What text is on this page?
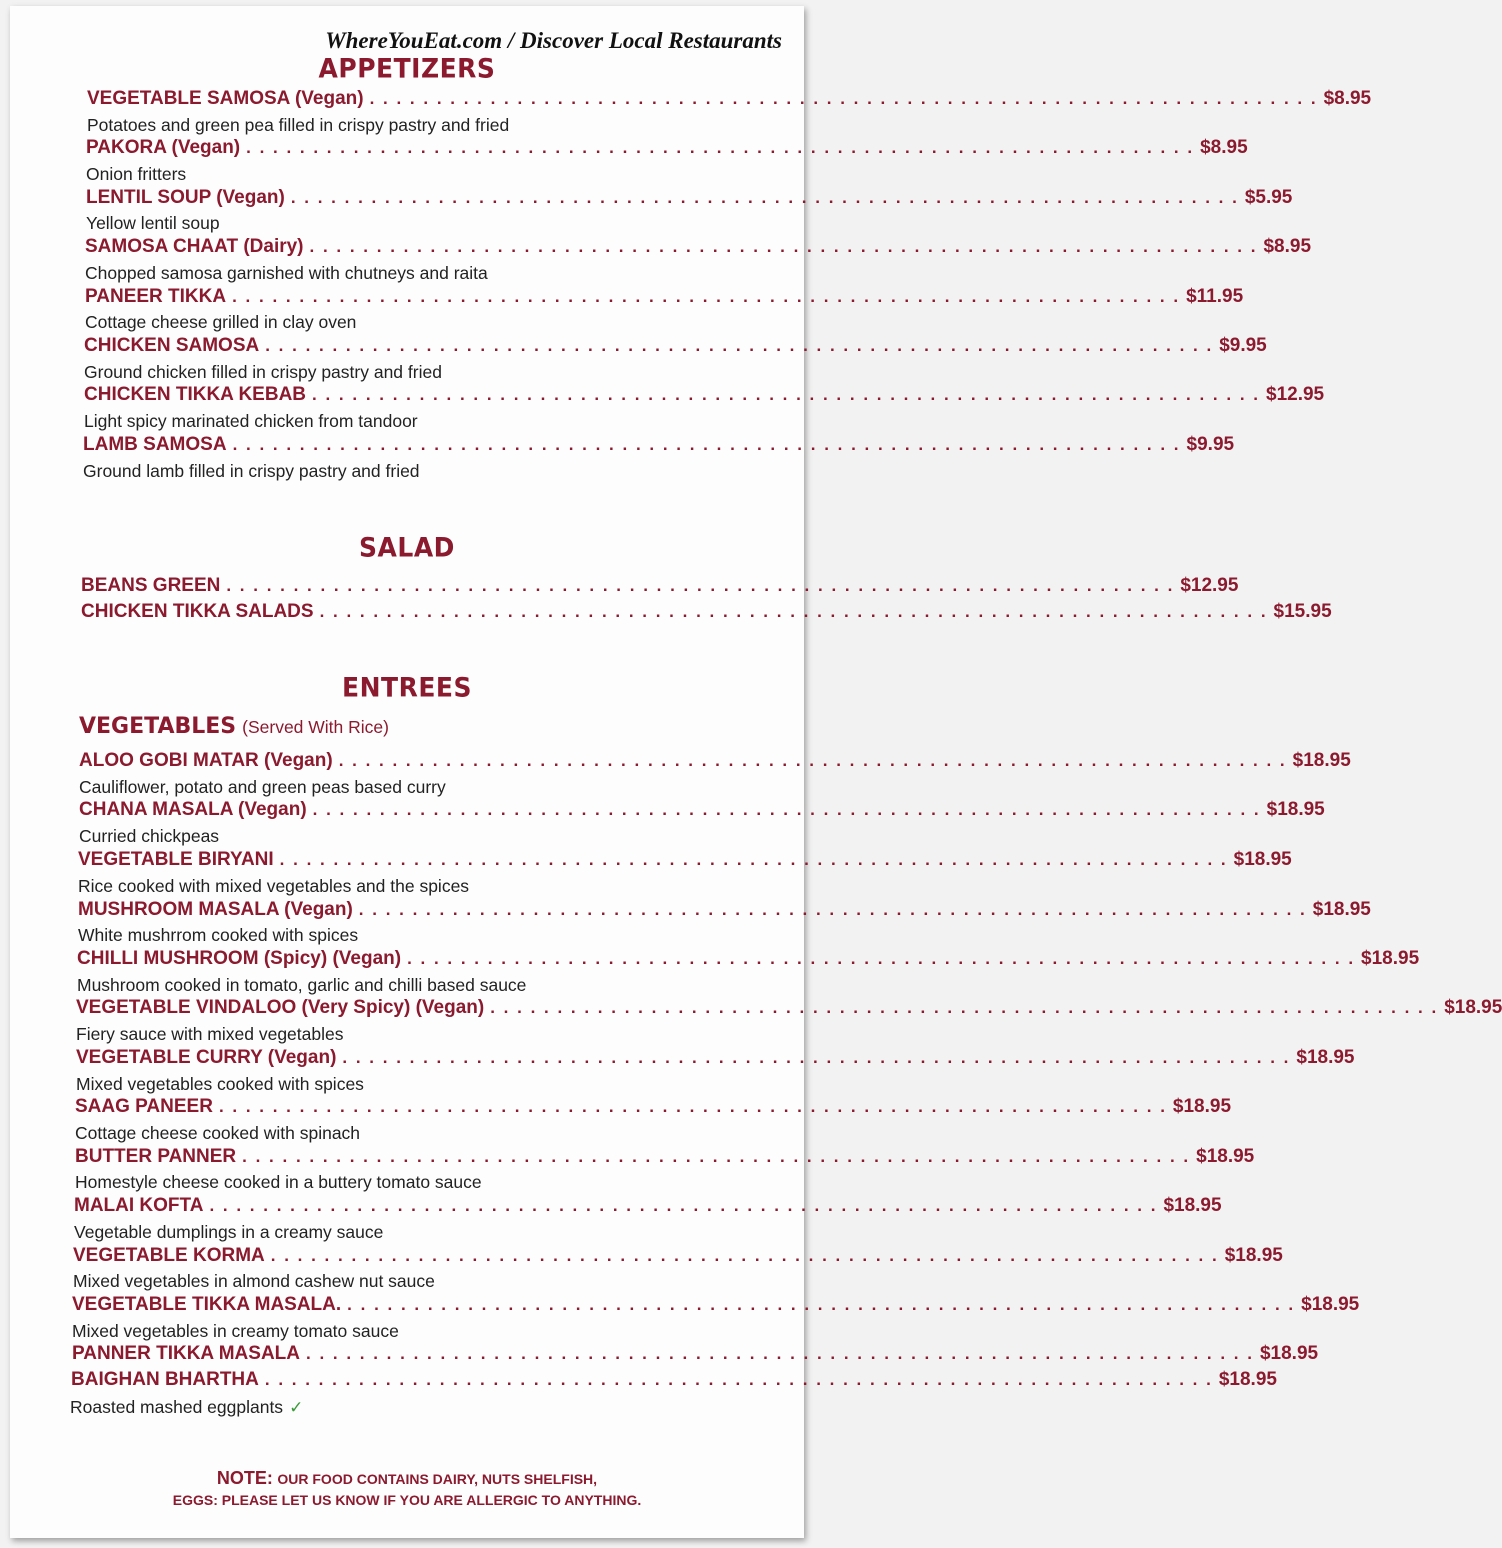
WhereYouEat.com / Discover Local Restaurants
APPETIZERS
VEGETABLE SAMOSA (Vegan) . . . . . . . . . . . . . . . . . . . . . . . . . . . . . . . . . . . . . . . . . . . . . . . . . . . . . . . . . . . . . . . . . . . . . . . $8.95
Potatoes and green pea filled in crispy pastry and fried
PAKORA (Vegan) . . . . . . . . . . . . . . . . . . . . . . . . . . . . . . . . . . . . . . . . . . . . . . . . . . . . . . . . . . . . . . . . . . . . . . . $8.95
Onion fritters
LENTIL SOUP (Vegan) . . . . . . . . . . . . . . . . . . . . . . . . . . . . . . . . . . . . . . . . . . . . . . . . . . . . . . . . . . . . . . . . . . . . . . . $5.95
Yellow lentil soup
SAMOSA CHAAT (Dairy) . . . . . . . . . . . . . . . . . . . . . . . . . . . . . . . . . . . . . . . . . . . . . . . . . . . . . . . . . . . . . . . . . . . . . . . $8.95
Chopped samosa garnished with chutneys and raita
PANEER TIKKA . . . . . . . . . . . . . . . . . . . . . . . . . . . . . . . . . . . . . . . . . . . . . . . . . . . . . . . . . . . . . . . . . . . . . . . $11.95
Cottage cheese grilled in clay oven
CHICKEN SAMOSA . . . . . . . . . . . . . . . . . . . . . . . . . . . . . . . . . . . . . . . . . . . . . . . . . . . . . . . . . . . . . . . . . . . . . . . $9.95
Ground chicken filled in crispy pastry and fried
CHICKEN TIKKA KEBAB . . . . . . . . . . . . . . . . . . . . . . . . . . . . . . . . . . . . . . . . . . . . . . . . . . . . . . . . . . . . . . . . . . . . . . . $12.95
Light spicy marinated chicken from tandoor
LAMB SAMOSA . . . . . . . . . . . . . . . . . . . . . . . . . . . . . . . . . . . . . . . . . . . . . . . . . . . . . . . . . . . . . . . . . . . . . . . $9.95
Ground lamb filled in crispy pastry and fried
SALAD
BEANS GREEN . . . . . . . . . . . . . . . . . . . . . . . . . . . . . . . . . . . . . . . . . . . . . . . . . . . . . . . . . . . . . . . . . . . . . . . $12.95
CHICKEN TIKKA SALADS . . . . . . . . . . . . . . . . . . . . . . . . . . . . . . . . . . . . . . . . . . . . . . . . . . . . . . . . . . . . . . . . . . . . . . . $15.95
ENTREES
VEGETABLES (Served With Rice)
ALOO GOBI MATAR (Vegan) . . . . . . . . . . . . . . . . . . . . . . . . . . . . . . . . . . . . . . . . . . . . . . . . . . . . . . . . . . . . . . . . . . . . . . . $18.95
Cauliflower, potato and green peas based curry
CHANA MASALA (Vegan) . . . . . . . . . . . . . . . . . . . . . . . . . . . . . . . . . . . . . . . . . . . . . . . . . . . . . . . . . . . . . . . . . . . . . . . $18.95
Curried chickpeas
VEGETABLE BIRYANI . . . . . . . . . . . . . . . . . . . . . . . . . . . . . . . . . . . . . . . . . . . . . . . . . . . . . . . . . . . . . . . . . . . . . . . $18.95
Rice cooked with mixed vegetables and the spices
MUSHROOM MASALA (Vegan) . . . . . . . . . . . . . . . . . . . . . . . . . . . . . . . . . . . . . . . . . . . . . . . . . . . . . . . . . . . . . . . . . . . . . . . $18.95
White mushrrom cooked with spices
CHILLI MUSHROOM (Spicy) (Vegan) . . . . . . . . . . . . . . . . . . . . . . . . . . . . . . . . . . . . . . . . . . . . . . . . . . . . . . . . . . . . . . . . . . . . . . . $18.95
Mushroom cooked in tomato, garlic and chilli based sauce
VEGETABLE VINDALOO (Very Spicy) (Vegan) . . . . . . . . . . . . . . . . . . . . . . . . . . . . . . . . . . . . . . . . . . . . . . . . . . . . . . . . . . . . . . . . . . . . . . . $18.95
Fiery sauce with mixed vegetables
VEGETABLE CURRY (Vegan) . . . . . . . . . . . . . . . . . . . . . . . . . . . . . . . . . . . . . . . . . . . . . . . . . . . . . . . . . . . . . . . . . . . . . . . $18.95
Mixed vegetables cooked with spices
SAAG PANEER . . . . . . . . . . . . . . . . . . . . . . . . . . . . . . . . . . . . . . . . . . . . . . . . . . . . . . . . . . . . . . . . . . . . . . . $18.95
Cottage cheese cooked with spinach
BUTTER PANNER . . . . . . . . . . . . . . . . . . . . . . . . . . . . . . . . . . . . . . . . . . . . . . . . . . . . . . . . . . . . . . . . . . . . . . . $18.95
Homestyle cheese cooked in a buttery tomato sauce
MALAI KOFTA . . . . . . . . . . . . . . . . . . . . . . . . . . . . . . . . . . . . . . . . . . . . . . . . . . . . . . . . . . . . . . . . . . . . . . . $18.95
Vegetable dumplings in a creamy sauce
VEGETABLE KORMA . . . . . . . . . . . . . . . . . . . . . . . . . . . . . . . . . . . . . . . . . . . . . . . . . . . . . . . . . . . . . . . . . . . . . . . $18.95
Mixed vegetables in almond cashew nut sauce
VEGETABLE TIKKA MASALA. . . . . . . . . . . . . . . . . . . . . . . . . . . . . . . . . . . . . . . . . . . . . . . . . . . . . . . . . . . . . . . . . . . . . . . . $18.95
Mixed vegetables in creamy tomato sauce
PANNER TIKKA MASALA . . . . . . . . . . . . . . . . . . . . . . . . . . . . . . . . . . . . . . . . . . . . . . . . . . . . . . . . . . . . . . . . . . . . . . . $18.95
BAIGHAN BHARTHA . . . . . . . . . . . . . . . . . . . . . . . . . . . . . . . . . . . . . . . . . . . . . . . . . . . . . . . . . . . . . . . . . . . . . . . $18.95
Roasted mashed eggplants ✓
NOTE: OUR FOOD CONTAINS DAIRY, NUTS SHELFISH,
EGGS: PLEASE LET US KNOW IF YOU ARE ALLERGIC TO ANYTHING.
